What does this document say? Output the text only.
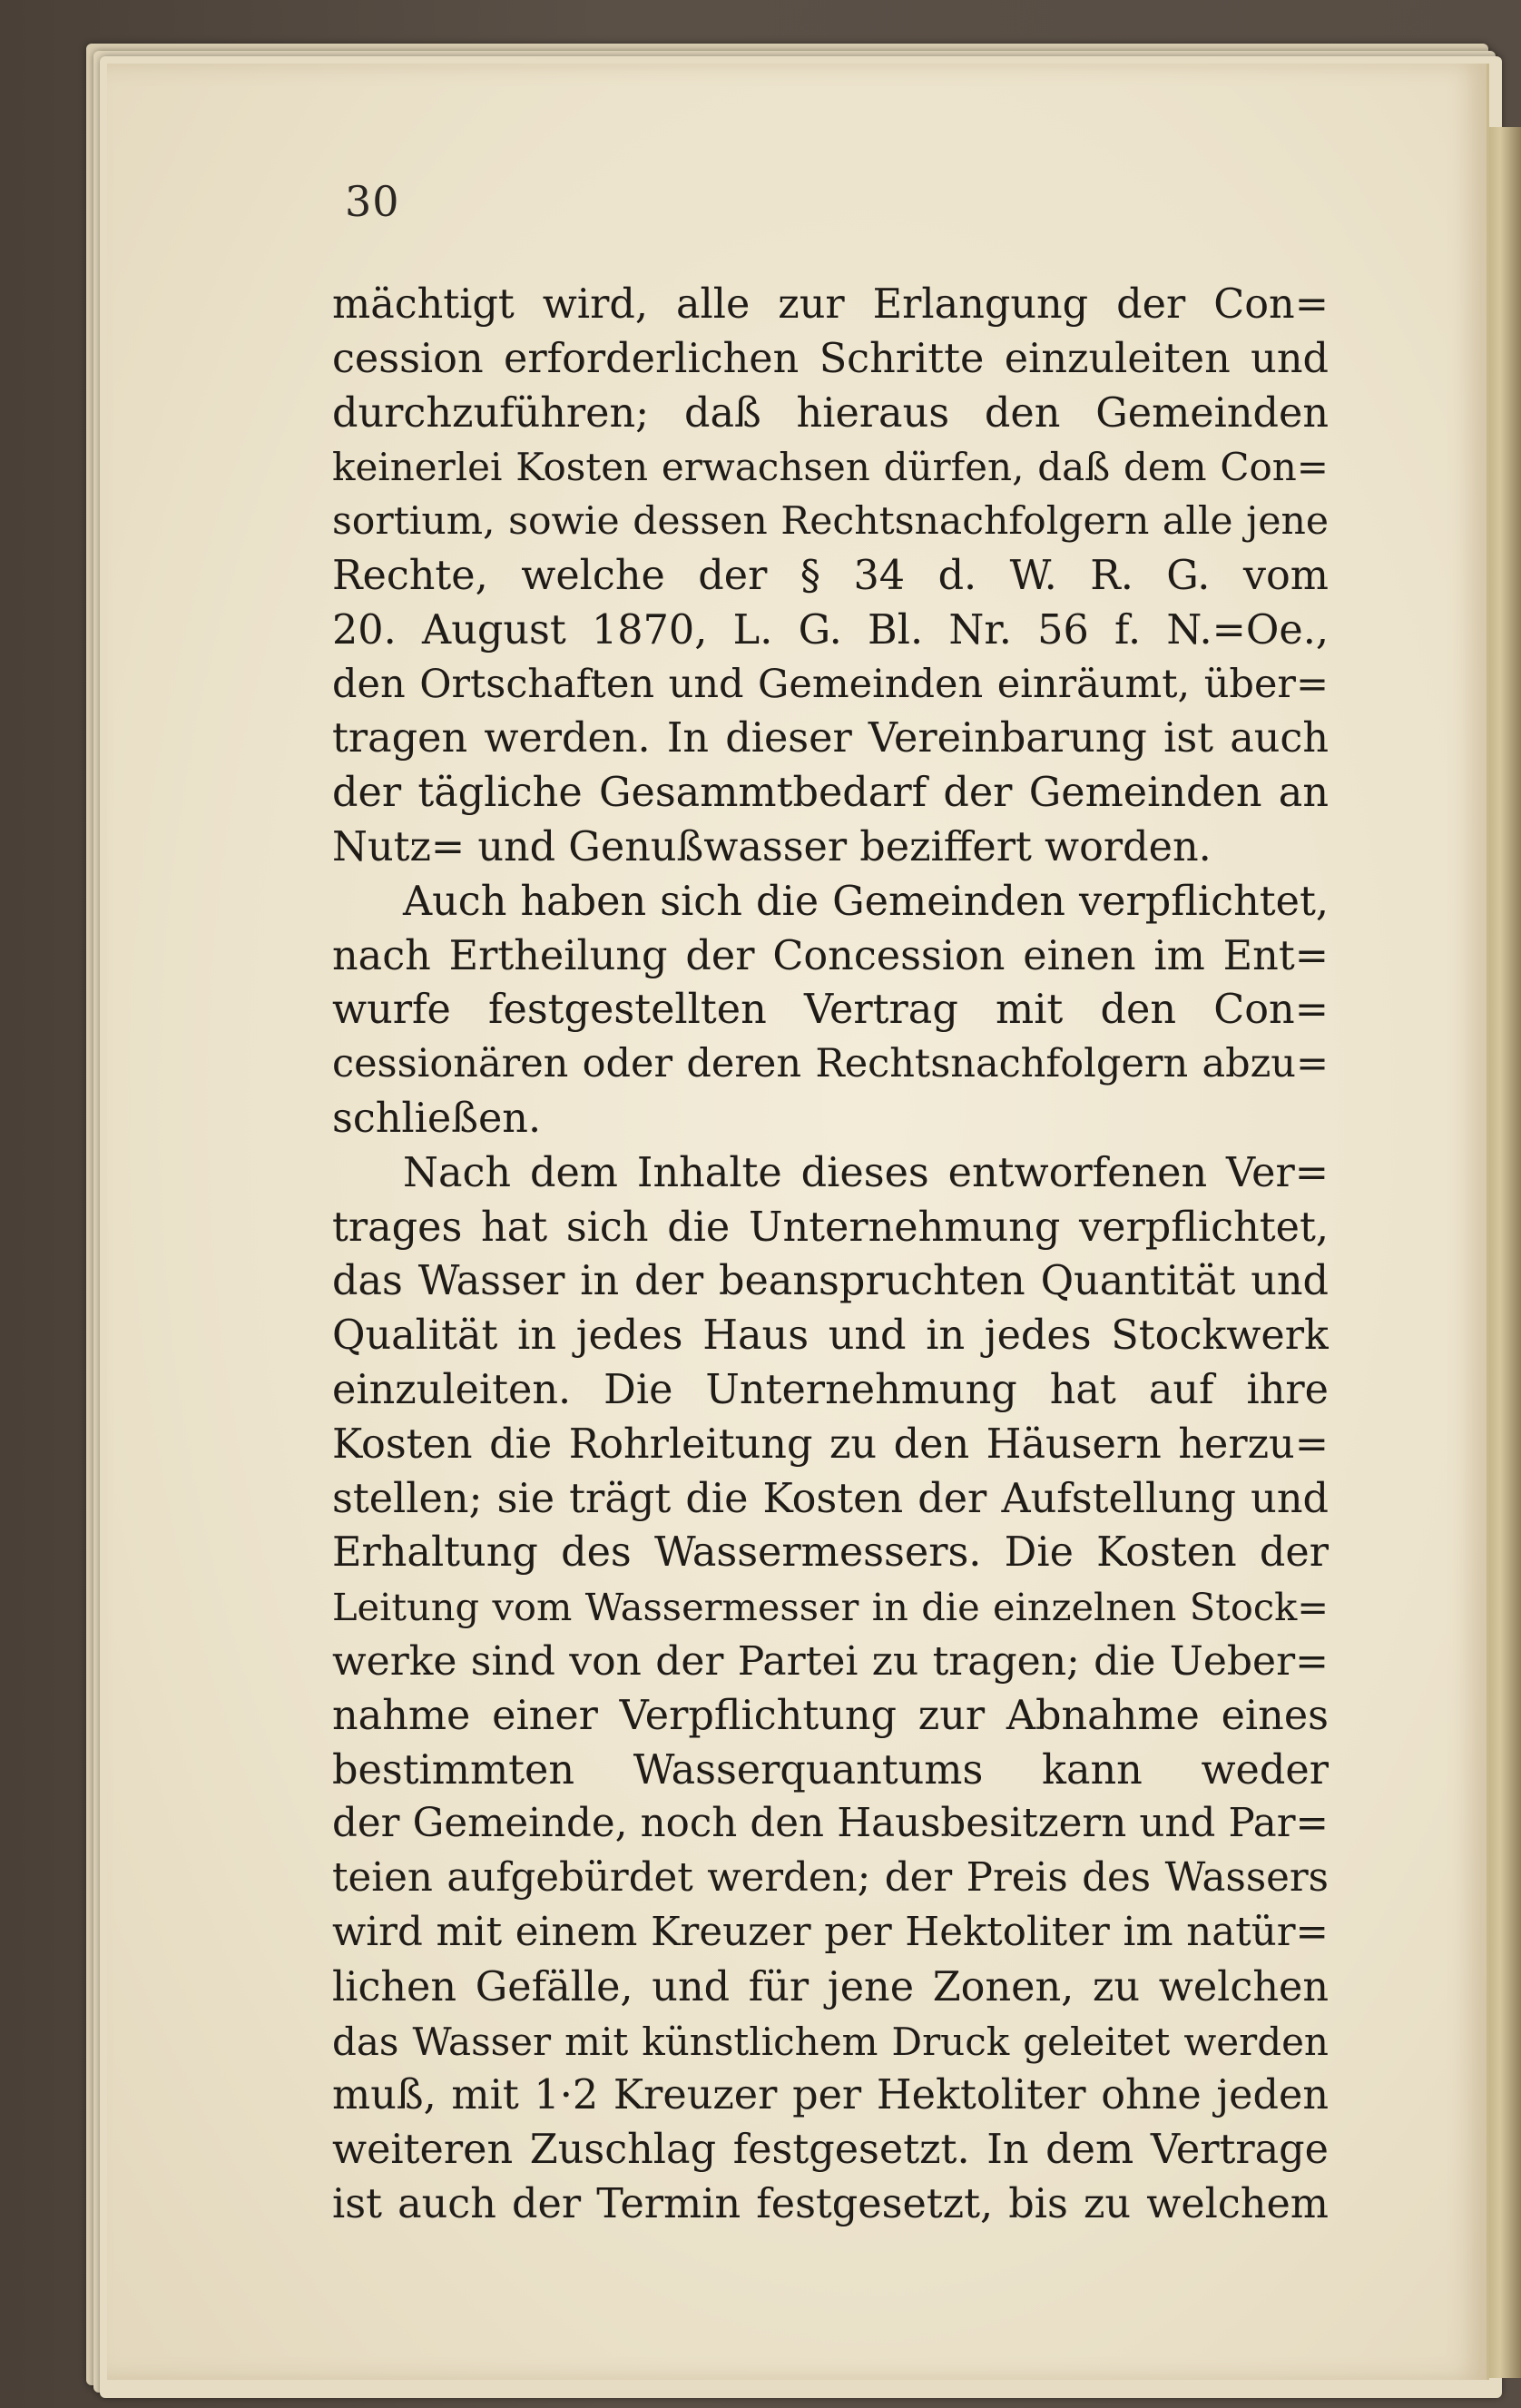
30
mächtigt wird, alle zur Erlangung der Con=
cession erforderlichen Schritte einzuleiten und
durchzuführen; daß hieraus den Gemeinden
keinerlei Kosten erwachsen dürfen, daß dem Con=
sortium, sowie dessen Rechtsnachfolgern alle jene
Rechte, welche der § 34 d. W. R. G. vom
20. August 1870, L. G. Bl. Nr. 56 f. N.=Oe.,
den Ortschaften und Gemeinden einräumt, über=
tragen werden. In dieser Vereinbarung ist auch
der tägliche Gesammtbedarf der Gemeinden an
Nutz= und Genußwasser beziffert worden.
Auch haben sich die Gemeinden verpflichtet,
nach Ertheilung der Concession einen im Ent=
wurfe festgestellten Vertrag mit den Con=
cessionären oder deren Rechtsnachfolgern abzu=
schließen.
Nach dem Inhalte dieses entworfenen Ver=
trages hat sich die Unternehmung verpflichtet,
das Wasser in der beanspruchten Quantität und
Qualität in jedes Haus und in jedes Stockwerk
einzuleiten. Die Unternehmung hat auf ihre
Kosten die Rohrleitung zu den Häusern herzu=
stellen; sie trägt die Kosten der Aufstellung und
Erhaltung des Wassermessers. Die Kosten der
Leitung vom Wassermesser in die einzelnen Stock=
werke sind von der Partei zu tragen; die Ueber=
nahme einer Verpflichtung zur Abnahme eines
bestimmten Wasserquantums kann weder
der Gemeinde, noch den Hausbesitzern und Par=
teien aufgebürdet werden; der Preis des Wassers
wird mit einem Kreuzer per Hektoliter im natür=
lichen Gefälle, und für jene Zonen, zu welchen
das Wasser mit künstlichem Druck geleitet werden
muß, mit 1·2 Kreuzer per Hektoliter ohne jeden
weiteren Zuschlag festgesetzt. In dem Vertrage
ist auch der Termin festgesetzt, bis zu welchem
